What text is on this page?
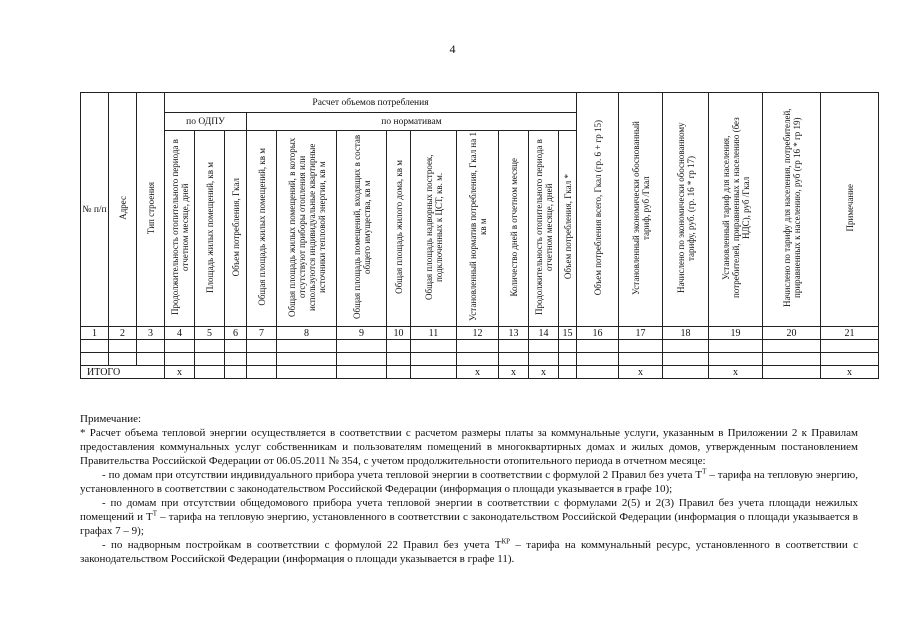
4
№ п/п	Адрес	Тип строения	Расчет объемов потребления												Объем потребления всего, Гкал (гр. 6 + гр 15)	Установленный экономически обоснованный тариф, руб /Гкал	Начислено по экономически обоснованному тарифу, руб. (гр. 16 * гр 17)	Установленный тариф для населения, потребителей, приравненных к населению (без НДС), руб /Гкал	Начислено по тарифу для населения, потребителей, приравненных к населению, руб (гр 16 * гр 19)	Примечание
			по ОДПУ			по нормативам														
			Продолжительность отопительного периода в отчетном месяце, дней	Площадь жилых помещений, кв м	Объем потребления, Гкал	Общая площадь жилых помещений, кв м	Общая площадь жилых помещений, в которых отсутствуют приборы отопления или используются индивидуальные квартирные источники тепловой энергии, кв м	Общая площадь помещений, входящих в состав общего имущества, кв м	Общая площадь жилого дома, кв м	Общая площадь надворных построек, подключенных к ЦСТ, кв. м.	Установленный норматив потребления, Гкал на 1 кв м	Количество дней в отчетном месяце	Продолжительность отопительного периода в отчетном месяце, дней	Объем потребления, Гкал *						
1	2	3	4	5	6	7	8	9	10	11	12	13	14	15	16	17	18	19	20	21

ИТОГО			x								x	x	x			x		x		x

Примечание:

* Расчет объема тепловой энергии осуществляется в соответствии с расчетом размеры платы за коммунальные услуги, указанным в Приложении 2 к Правилам предоставления коммунальных услуг собственникам и пользователям помещений в многоквартирных домах и жилых домов, утвержденным постановлением Правительства Российской Федерации от 06.05.2011 № 354, с учетом продолжительности отопительного периода в отчетном месяце:

- по домам при отсутствии индивидуального прибора учета тепловой энергии в соответствии с формулой 2 Правил без учета $Т^Т$ – тарифа на тепловую энергию, установленного в соответствии с законодательством Российской Федерации (информация о площади указывается в графе 10);

- по домам при отсутствии общедомового прибора учета тепловой энергии в соответствии с формулами 2(5) и 2(3) Правил без учета площади нежилых помещений и $Т^Т$ – тарифа на тепловую энергию, установленного в соответствии с законодательством Российской Федерации (информация о площади указывается в графах 7 – 9);

- по надворным постройкам в соответствии с формулой 22 Правил без учета $Т^{КР}$ – тарифа на коммунальный ресурс, установленного в соответствии с законодательством Российской Федерации (информация о площади указывается в графе 11).
